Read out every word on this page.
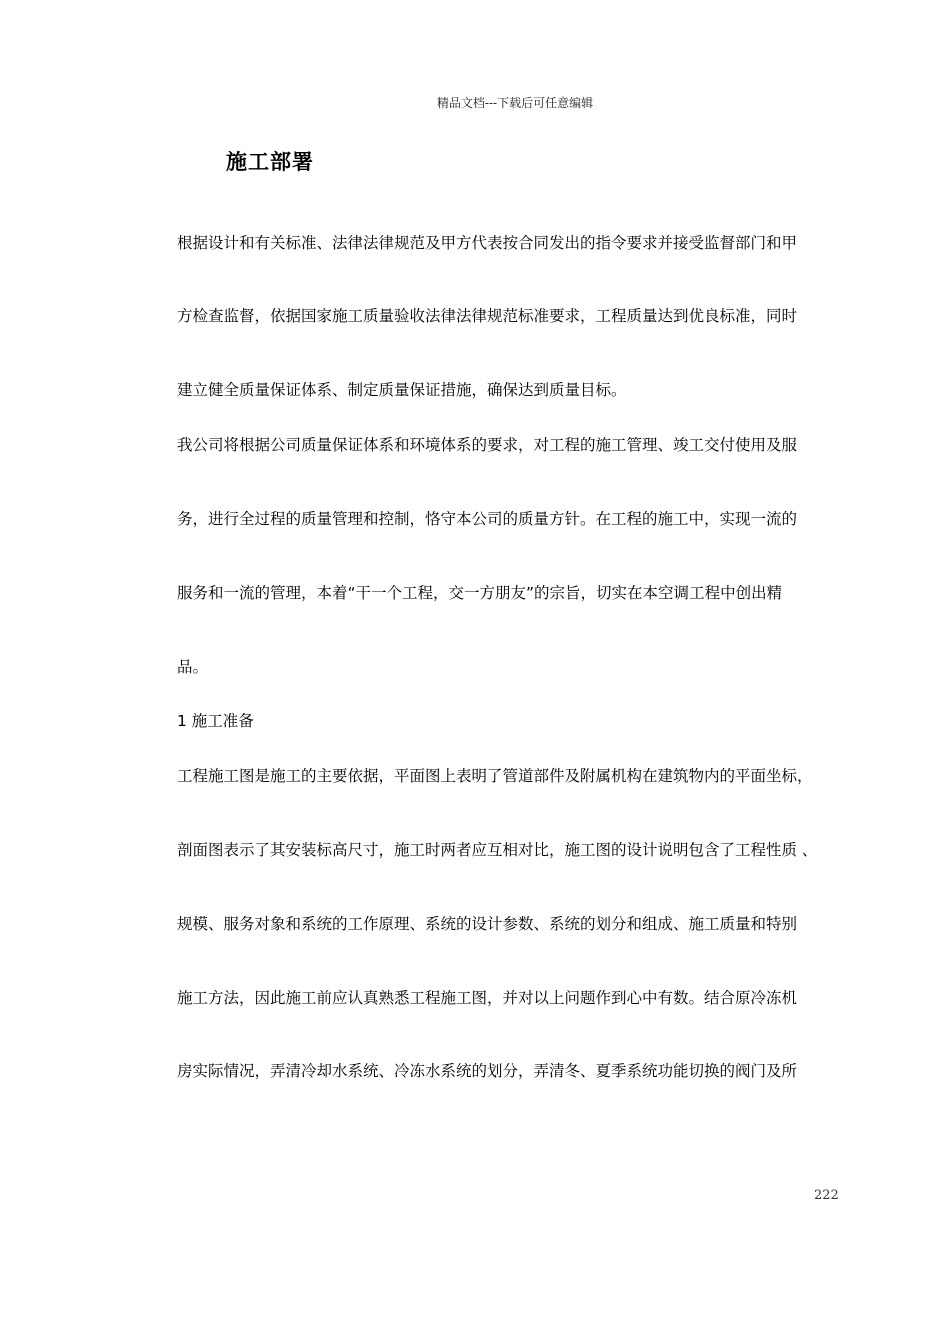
精品文档---下载后可任意编辑
施工部署
根据设计和有关标准、法律法律规范及甲方代表按合同发出的指令要求并接受监督部门和甲
方检查监督，依据国家施工质量验收法律法律规范标准要求，工程质量达到优良标准，同时
建立健全质量保证体系、制定质量保证措施，确保达到质量目标。
我公司将根据公司质量保证体系和环境体系的要求，对工程的施工管理、竣工交付使用及服
务，进行全过程的质量管理和控制，恪守本公司的质量方针。在工程的施工中，实现一流的
服务和一流的管理，本着“干一个工程，交一方朋友”的宗旨，切实在本空调工程中创出精
品。
1 施工准备
工程施工图是施工的主要依据，平面图上表明了管道部件及附属机构在建筑物内的平面坐标，
剖面图表示了其安装标高尺寸，施工时两者应互相对比，施工图的设计说明包含了工程性质 、
规模、服务对象和系统的工作原理、系统的设计参数、系统的划分和组成、施工质量和特别
施工方法，因此施工前应认真熟悉工程施工图，并对以上问题作到心中有数。结合原冷冻机
房实际情况，弄清冷却水系统、冷冻水系统的划分，弄清冬、夏季系统功能切换的阀门及所
222
